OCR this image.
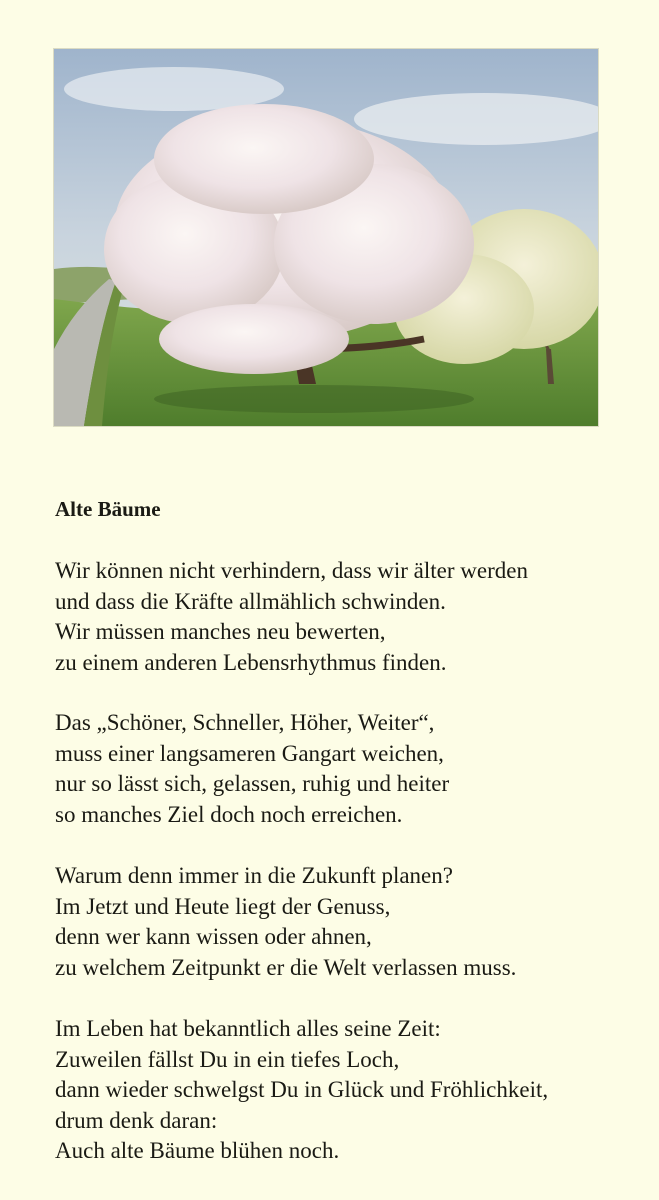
Alte Bäume

Wir können nicht verhindern, dass wir älter werden
und dass die Kräfte allmählich schwinden.
Wir müssen manches neu bewerten,
zu einem anderen Lebensrhythmus finden.

Das „Schöner, Schneller, Höher, Weiter“,
muss einer langsameren Gangart weichen,
nur so lässt sich, gelassen, ruhig und heiter
so manches Ziel doch noch erreichen.

Warum denn immer in die Zukunft planen?
Im Jetzt und Heute liegt der Genuss,
denn wer kann wissen oder ahnen,
zu welchem Zeitpunkt er die Welt verlassen muss.

Im Leben hat bekanntlich alles seine Zeit:
Zuweilen fällst Du in ein tiefes Loch,
dann wieder schwelgst Du in Glück und Fröhlichkeit,
drum denk daran:
Auch alte Bäume blühen noch.
